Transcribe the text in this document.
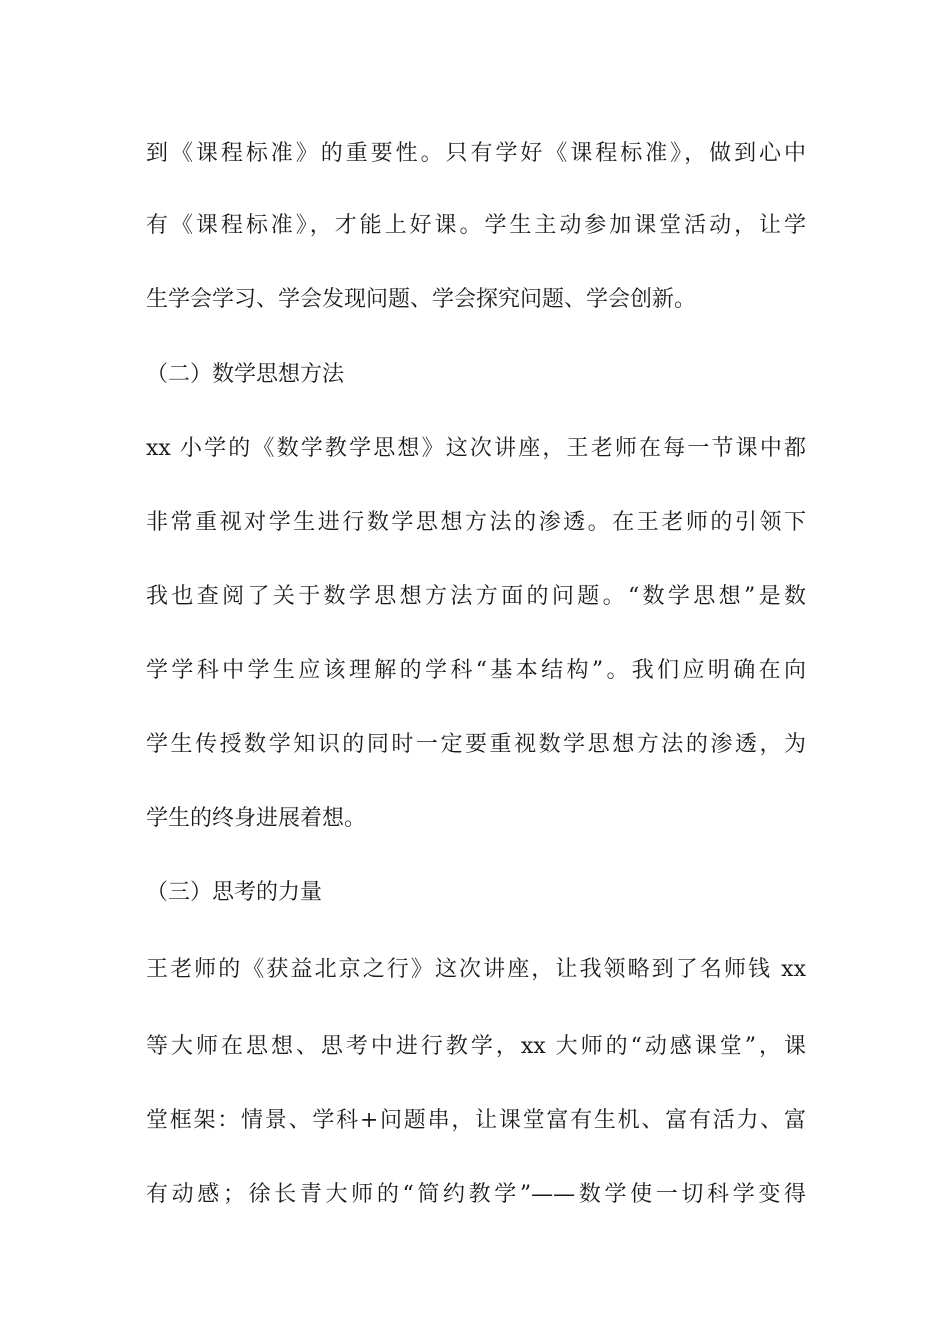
到《课程标准》的重要性。只有学好《课程标准》，做到心中
有《课程标准》，才能上好课。学生主动参加课堂活动，让学
生学会学习、学会发现问题、学会探究问题、学会创新。
（二）数学思想方法
xx 小学的《数学教学思想》这次讲座，王老师在每一节课中都
非常重视对学生进行数学思想方法的渗透。在王老师的引领下
我也查阅了关于数学思想方法方面的问题。“数学思想”是数
学学科中学生应该理解的学科“基本结构”。我们应明确在向
学生传授数学知识的同时一定要重视数学思想方法的渗透，为
学生的终身进展着想。
（三）思考的力量
王老师的《获益北京之行》这次讲座，让我领略到了名师钱 xx
等大师在思想、思考中进行教学，xx 大师的“动感课堂”，课
堂框架：情景、学科+问题串，让课堂富有生机、富有活力、富
有动感；徐长青大师的“简约教学”——数学使一切科学变得
